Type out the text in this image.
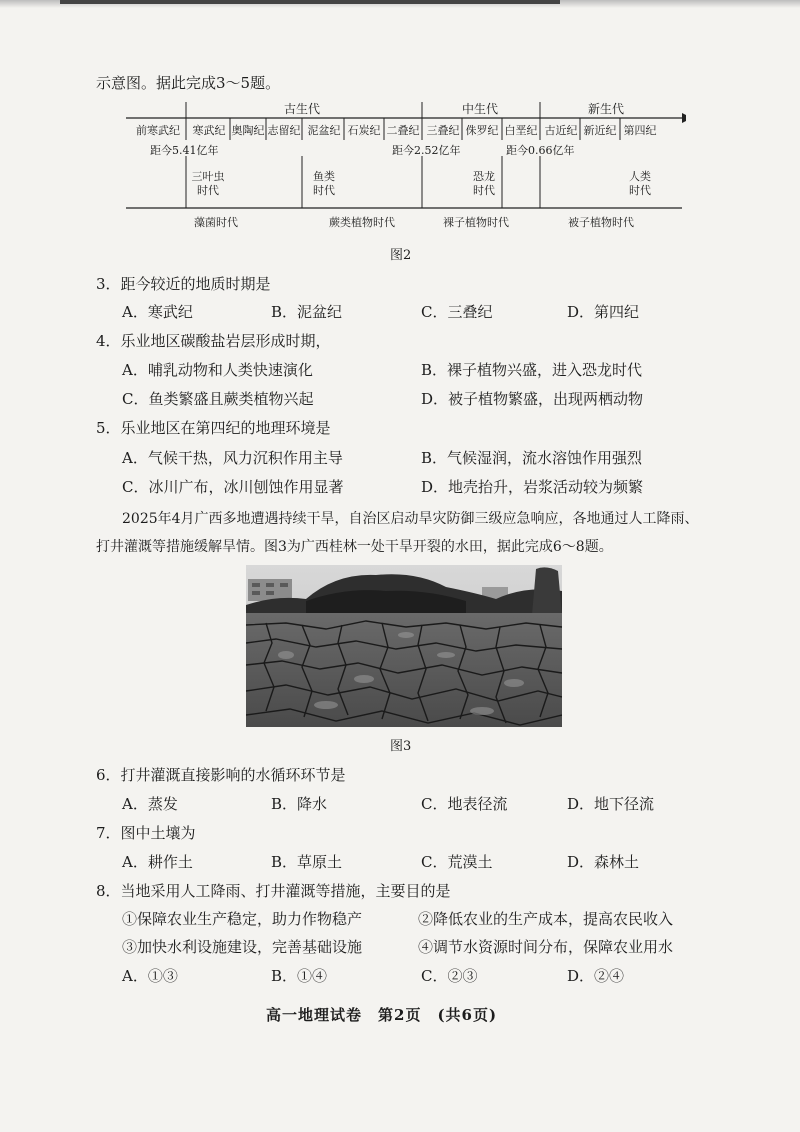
示意图。据此完成3～5题。
古生代	中生代	新生代
前寒武纪	寒武纪 奥陶纪 志留纪 泥盆纪 石炭纪 二叠纪 三叠纪 侏罗纪 白垩纪 古近纪 新近纪 第四纪
距今5.41亿年	距今2.52亿年	距今0.66亿年
三叶虫
时代
鱼类
时代
恐龙
时代
人类
时代
藻菌时代	蕨类植物时代	裸子植物时代	被子植物时代
图2
3．距今较近的地质时期是
A．寒武纪	B．泥盆纪	C．三叠纪	D．第四纪
4．乐业地区碳酸盐岩层形成时期，
A．哺乳动物和人类快速演化	B．裸子植物兴盛，进入恐龙时代
C．鱼类繁盛且蕨类植物兴起	D．被子植物繁盛，出现两栖动物
5．乐业地区在第四纪的地理环境是
A．气候干热，风力沉积作用主导	B．气候湿润，流水溶蚀作用强烈
C．冰川广布，冰川刨蚀作用显著	D．地壳抬升，岩浆活动较为频繁
2025年4月广西多地遭遇持续干旱，自治区启动旱灾防御三级应急响应，各地通过人工降雨、
打井灌溉等措施缓解旱情。图3为广西桂林一处干旱开裂的水田，据此完成6～8题。
图3
6．打井灌溉直接影响的水循环环节是
A．蒸发	B．降水	C．地表径流	D．地下径流
7．图中土壤为
A．耕作土	B．草原土	C．荒漠土	D．森林土
8．当地采用人工降雨、打井灌溉等措施，主要目的是
①保障农业生产稳定，助力作物稳产	②降低农业的生产成本，提高农民收入
③加快水利设施建设，完善基础设施	④调节水资源时间分布，保障农业用水
A．①③	B．①④	C．②③	D．②④
高一地理试卷　第2页　(共6页)
